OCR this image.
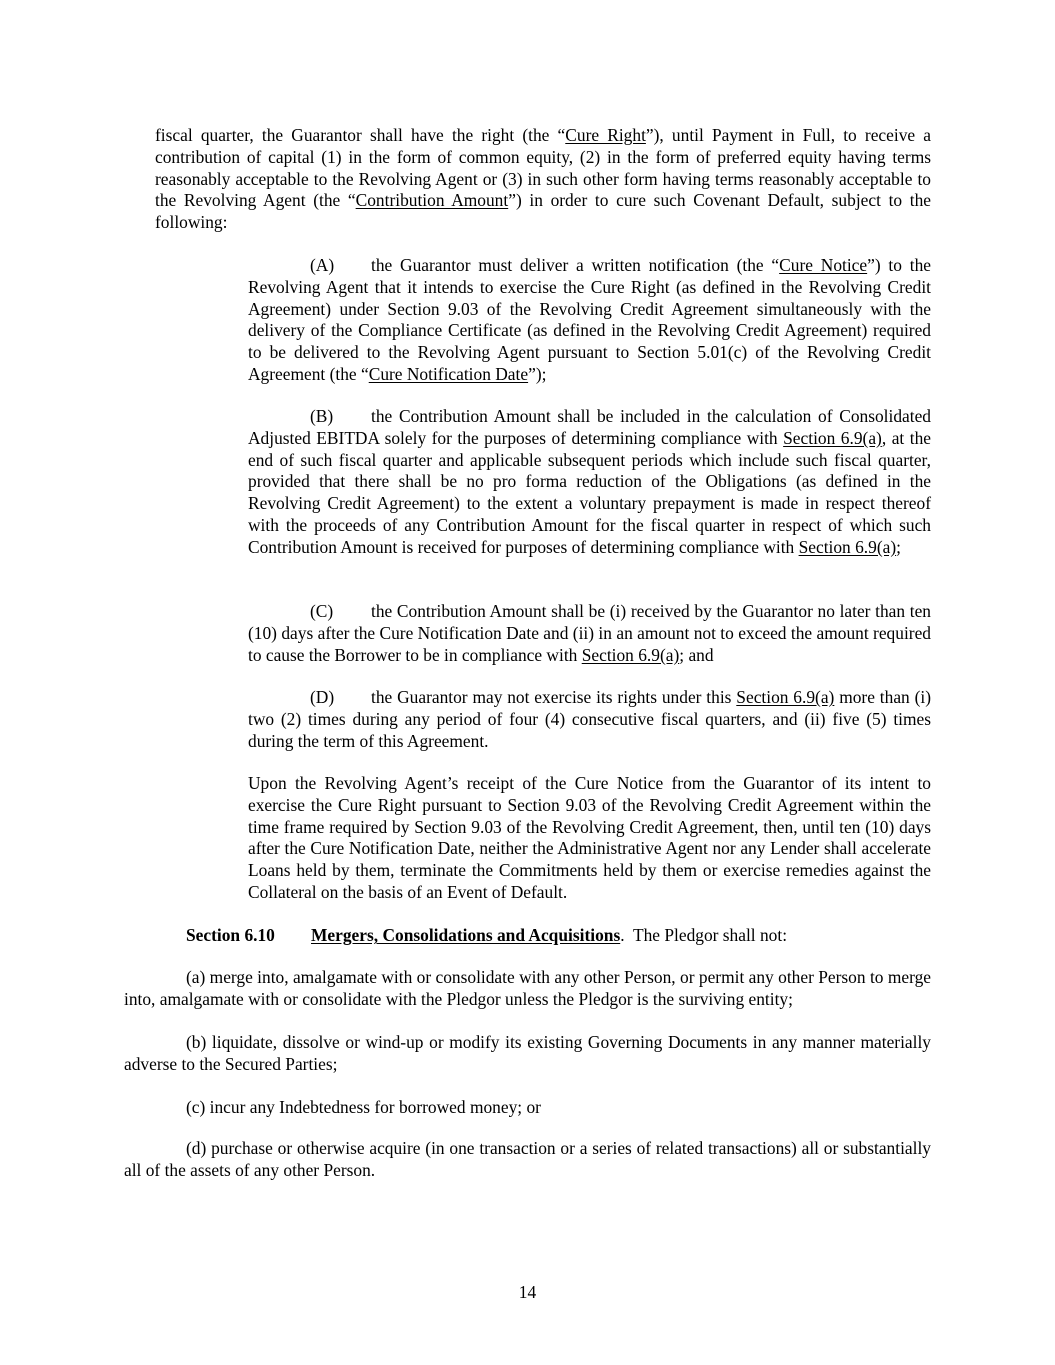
fiscal quarter, the Guarantor shall have the right (the “Cure Right”), until Payment in Full, to receive a contribution of capital (1) in the form of common equity, (2) in the form of preferred equity having terms reasonably acceptable to the Revolving Agent or (3) in such other form having terms reasonably acceptable to the Revolving Agent (the “Contribution Amount”) in order to cure such Covenant Default, subject to the following:

(A) the Guarantor must deliver a written notification (the “Cure Notice”) to the Revolving Agent that it intends to exercise the Cure Right (as defined in the Revolving Credit Agreement) under Section 9.03 of the Revolving Credit Agreement simultaneously with the delivery of the Compliance Certificate (as defined in the Revolving Credit Agreement) required to be delivered to the Revolving Agent pursuant to Section 5.01(c) of the Revolving Credit Agreement (the “Cure Notification Date”);

(B) the Contribution Amount shall be included in the calculation of Consolidated Adjusted EBITDA solely for the purposes of determining compliance with Section 6.9(a), at the end of such fiscal quarter and applicable subsequent periods which include such fiscal quarter, provided that there shall be no pro forma reduction of the Obligations (as defined in the Revolving Credit Agreement) to the extent a voluntary prepayment is made in respect thereof with the proceeds of any Contribution Amount for the fiscal quarter in respect of which such Contribution Amount is received for purposes of determining compliance with Section 6.9(a);

(C) the Contribution Amount shall be (i) received by the Guarantor no later than ten (10) days after the Cure Notification Date and (ii) in an amount not to exceed the amount required to cause the Borrower to be in compliance with Section 6.9(a); and

(D) the Guarantor may not exercise its rights under this Section 6.9(a) more than (i) two (2) times during any period of four (4) consecutive fiscal quarters, and (ii) five (5) times during the term of this Agreement.

Upon the Revolving Agent’s receipt of the Cure Notice from the Guarantor of its intent to exercise the Cure Right pursuant to Section 9.03 of the Revolving Credit Agreement within the time frame required by Section 9.03 of the Revolving Credit Agreement, then, until ten (10) days after the Cure Notification Date, neither the Administrative Agent nor any Lender shall accelerate Loans held by them, terminate the Commitments held by them or exercise remedies against the Collateral on the basis of an Event of Default.

Section 6.10 Mergers, Consolidations and Acquisitions.  The Pledgor shall not:

(a) merge into, amalgamate with or consolidate with any other Person, or permit any other Person to merge into, amalgamate with or consolidate with the Pledgor unless the Pledgor is the surviving entity;

(b) liquidate, dissolve or wind-up or modify its existing Governing Documents in any manner materially adverse to the Secured Parties;

(c) incur any Indebtedness for borrowed money; or

(d) purchase or otherwise acquire (in one transaction or a series of related transactions) all or substantially all of the assets of any other Person.

14
